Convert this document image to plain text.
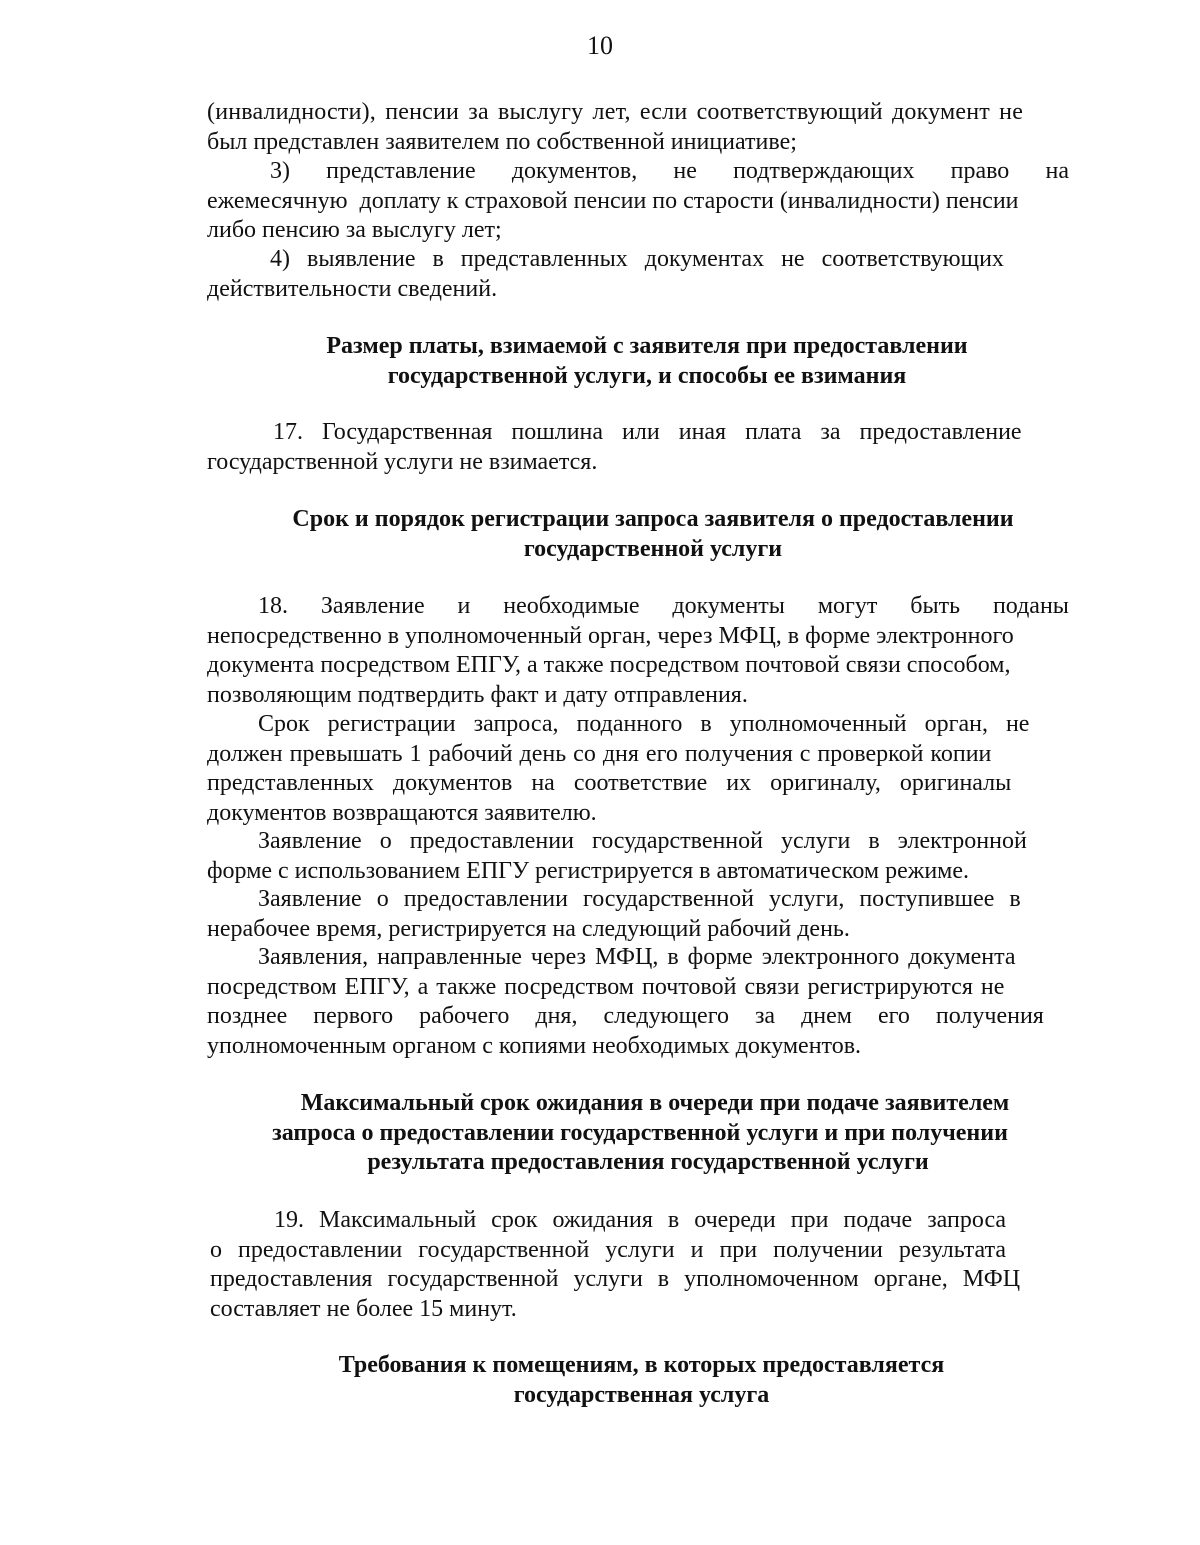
10
(инвалидности), пенсии за выслугу лет, если соответствующий документ не
был представлен заявителем по собственной инициативе;
3) представление документов, не подтверждающих право на
ежемесячную  доплату к страховой пенсии по старости (инвалидности) пенсии
либо пенсию за выслугу лет;
4) выявление в представленных документах не соответствующих
действительности сведений.
Размер платы, взимаемой с заявителя при предоставлении
государственной услуги, и способы ее взимания
17. Государственная пошлина или иная плата за предоставление
государственной услуги не взимается.
Срок и порядок регистрации запроса заявителя о предоставлении
государственной услуги
18. Заявление и необходимые документы могут быть поданы
непосредственно в уполномоченный орган, через МФЦ, в форме электронного
документа посредством ЕПГУ, а также посредством почтовой связи способом,
позволяющим подтвердить факт и дату отправления.
Срок регистрации запроса, поданного в уполномоченный орган, не
должен превышать 1 рабочий день со дня его получения с проверкой копии
представленных документов на соответствие их оригиналу, оригиналы
документов возвращаются заявителю.
Заявление о предоставлении государственной услуги в электронной
форме с использованием ЕПГУ регистрируется в автоматическом режиме.
Заявление о предоставлении государственной услуги, поступившее в
нерабочее время, регистрируется на следующий рабочий день.
Заявления, направленные через МФЦ, в форме электронного документа
посредством ЕПГУ, а также посредством почтовой связи регистрируются не
позднее первого рабочего дня, следующего за днем его получения
уполномоченным органом с копиями необходимых документов.
Максимальный срок ожидания в очереди при подаче заявителем
запроса о предоставлении государственной услуги и при получении
результата предоставления государственной услуги
19. Максимальный срок ожидания в очереди при подаче запроса
о предоставлении государственной услуги и при получении результата
предоставления государственной услуги в уполномоченном органе, МФЦ
составляет не более 15 минут.
Требования к помещениям, в которых предоставляется
государственная услуга
